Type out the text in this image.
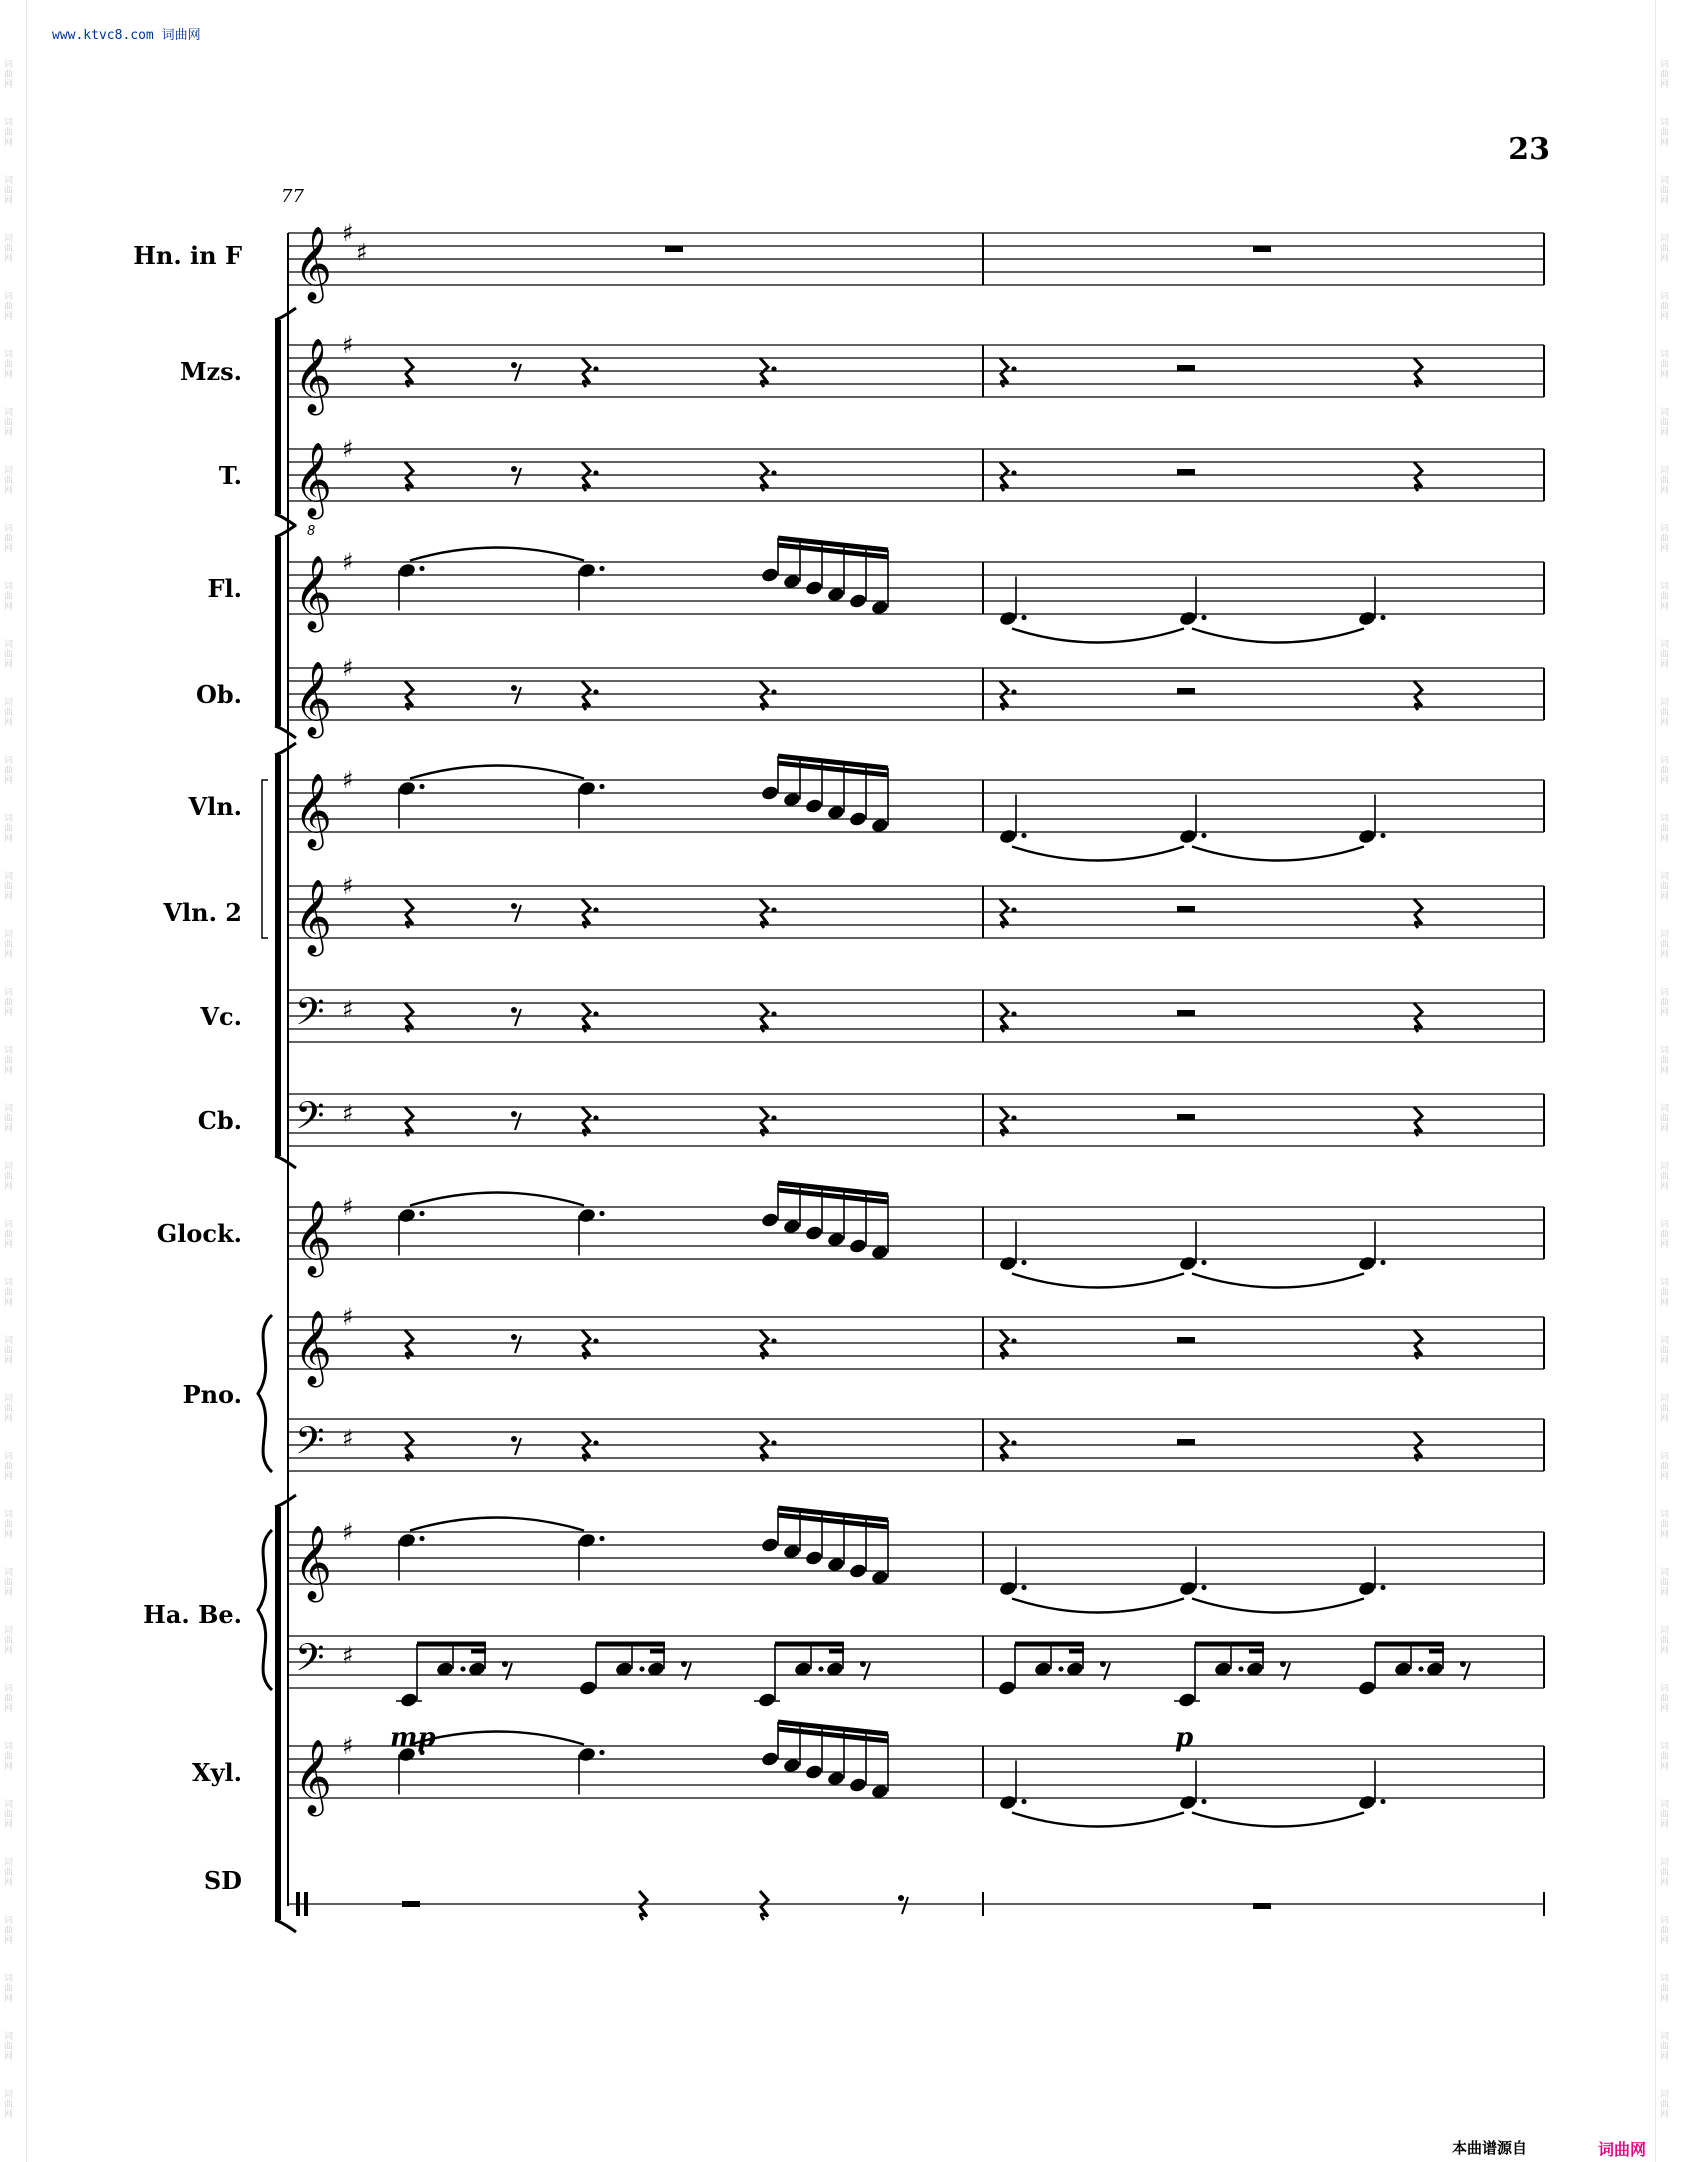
词曲网
词曲网
词曲网
词曲网
词曲网
词曲网
词曲网
词曲网
词曲网
词曲网
词曲网
词曲网
词曲网
词曲网
词曲网
词曲网
词曲网
词曲网
词曲网
词曲网
词曲网
词曲网
词曲网
词曲网
词曲网
词曲网
词曲网
词曲网
词曲网
词曲网
词曲网
词曲网
词曲网
词曲网
词曲网
词曲网
词曲网
词曲网
词曲网
词曲网
词曲网
词曲网
词曲网
词曲网
词曲网
词曲网
词曲网
词曲网
词曲网
词曲网
词曲网
词曲网
词曲网
词曲网
词曲网
词曲网
词曲网
词曲网
词曲网
词曲网
词曲网
词曲网
词曲网
词曲网
词曲网
词曲网
词曲网
词曲网
词曲网
词曲网
词曲网
词曲网
www.ktvc8.com 词曲网
23
77
Hn. in F
Mzs.
T.
Fl.
Ob.
Vln.
Vln. 2
Vc.
Cb.
Glock.
Pno.
Ha. Be.
Xyl.
SD
𝄞 ♯
♯
𝄞 ♯
𝄞
8
♯
𝄞 ♯
𝄞 ♯
𝄞 ♯
𝄞 ♯
𝄢 ♯
𝄢 ♯
𝄞 ♯
𝄞 ♯
𝄢 ♯
𝄞 ♯
𝄢 ♯
𝄞 ♯ mp	p
本曲谱源自	词曲网
